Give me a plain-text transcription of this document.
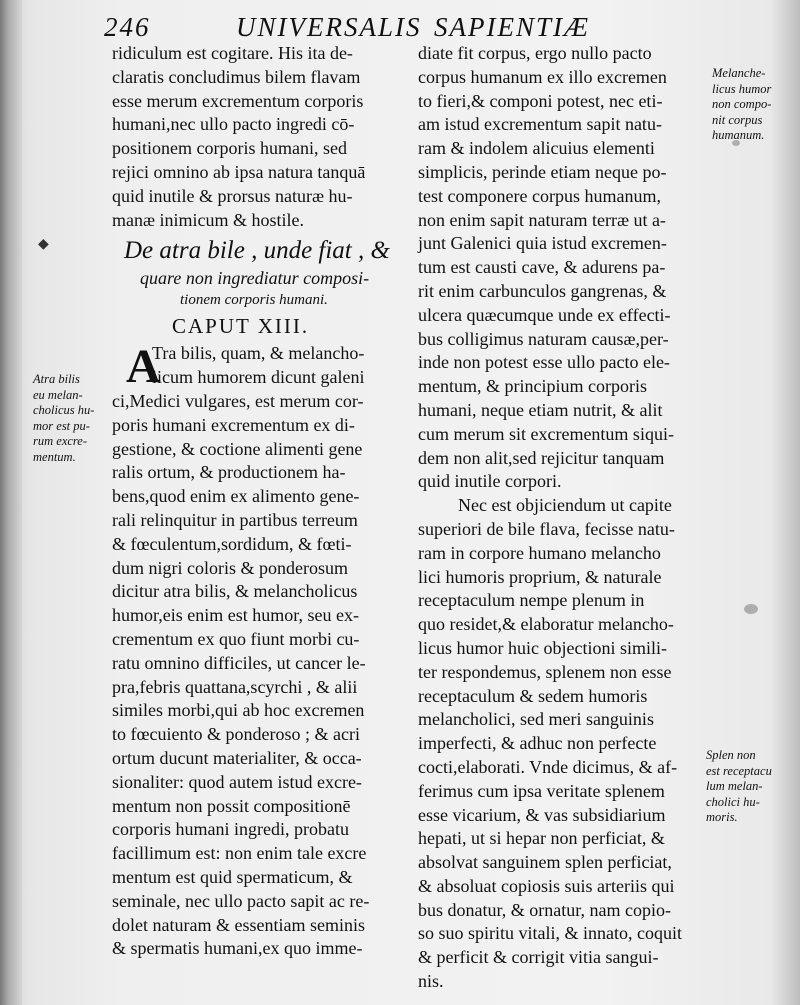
246	UNIVERSALIS SAPIENTIÆ
◆
ridiculum est cogitare. His ita de-
claratis concludimus bilem flavam
esse merum excrementum corporis
humani,nec ullo pacto ingredi cō-
positionem corporis humani, sed
rejici omnino ab ipsa natura tanquā
quid inutile & prorsus naturæ hu-
manæ inimicum & hostile.
De atra bile , unde fiat , &
quare non ingrediatur composi-
tionem corporis humani.
CAPUT XIII.
A
Tra bilis, quam, & melancho-
licum humorem dicunt galeni
ci,Medici vulgares, est merum cor-
poris humani excrementum ex di-
gestione, & coctione alimenti gene
ralis ortum, & productionem ha-
bens,quod enim ex alimento gene-
rali relinquitur in partibus terreum
& fœculentum,sordidum, & fœti-
dum nigri coloris & ponderosum
dicitur atra bilis, & melancholicus
humor,eis enim est humor, seu ex-
crementum ex quo fiunt morbi cu-
ratu omnino difficiles, ut cancer le-
pra,febris quattana,scyrchi , & alii
similes morbi,qui ab hoc excremen
to fœcuiento & ponderoso ; & acri
ortum ducunt materialiter, & occa-
sionaliter: quod autem istud excre-
mentum non possit compositionē
corporis humani ingredi, probatu
facillimum est: non enim tale excre
mentum est quid spermaticum, &
seminale, nec ullo pacto sapit ac re-
dolet naturam & essentiam seminis
& spermatis humani,ex quo imme-
diate fit corpus, ergo nullo pacto
corpus humanum ex illo excremen
to fieri,& componi potest, nec eti-
am istud excrementum sapit natu-
ram & indolem alicuius elementi
simplicis, perinde etiam neque po-
test componere corpus humanum,
non enim sapit naturam terræ ut a-
junt Galenici quia istud excremen-
tum est causti cave, & adurens pa-
rit enim carbunculos gangrenas, &
ulcera quæcumque unde ex effecti-
bus colligimus naturam causæ,per-
inde non potest esse ullo pacto ele-
mentum, & principium corporis
humani, neque etiam nutrit, & alit
cum merum sit excrementum siqui-
dem non alit,sed rejicitur tanquam
quid inutile corpori.
Nec est objiciendum ut capite
superiori de bile flava, fecisse natu-
ram in corpore humano melancho
lici humoris proprium, & naturale
receptaculum nempe plenum in
quo residet,& elaboratur melancho-
licus humor huic objectioni simili-
ter respondemus, splenem non esse
receptaculum & sedem humoris
melancholici, sed meri sanguinis
imperfecti, & adhuc non perfecte
cocti,elaborati. Vnde dicimus, & af-
ferimus cum ipsa veritate splenem
esse vicarium, & vas subsidiarium
hepati, ut si hepar non perficiat, &
absolvat sanguinem splen perficiat,
& absoluat copiosis suis arteriis qui
bus donatur, & ornatur, nam copio-
so suo spiritu vitali, & innato, coquit
& perficit & corrigit vitia sangui-
nis.
Atra bilis
eu melan-
cholicus hu-
mor est pu-
rum excre-
mentum.
Melanche-
licus humor
non compo-
nit corpus
humanum.
Splen non
est receptacu
lum melan-
cholici hu-
moris.
